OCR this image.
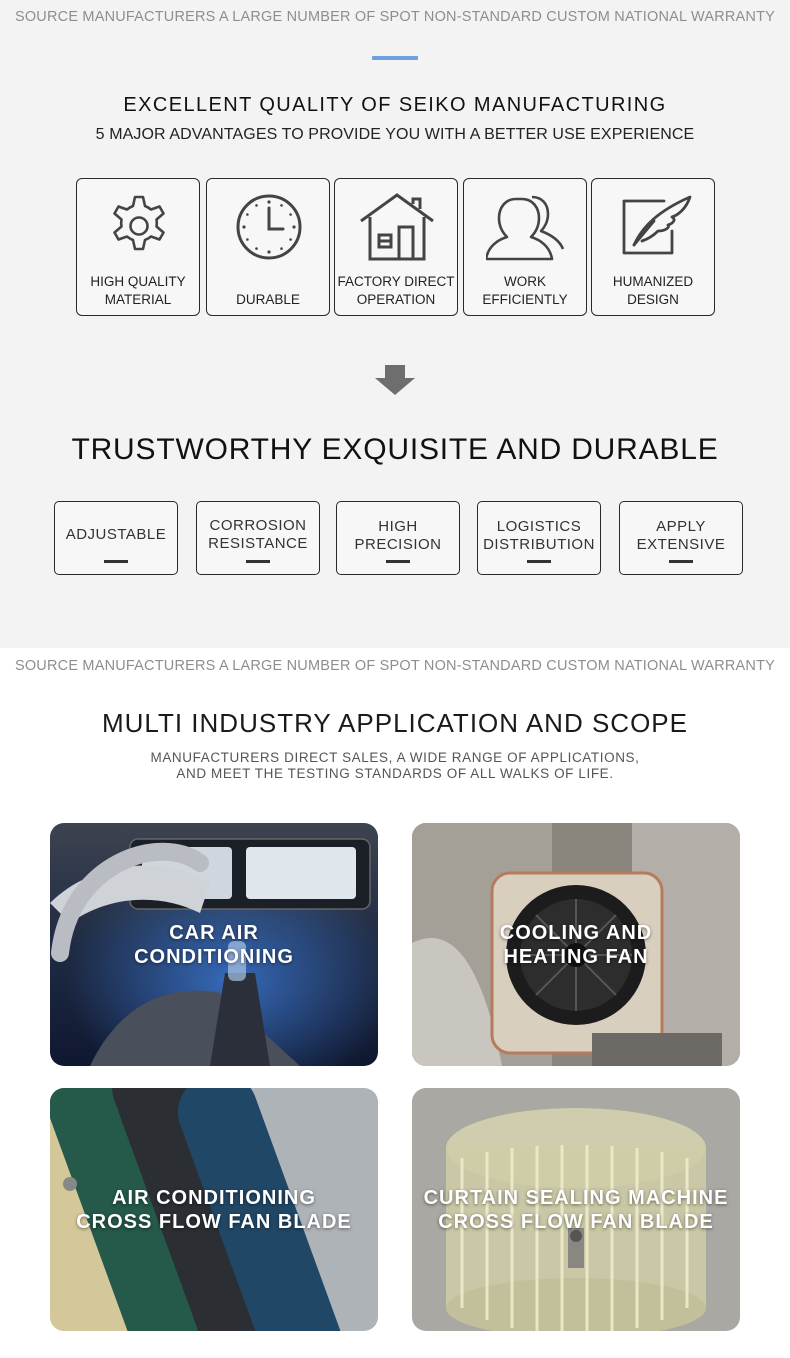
SOURCE MANUFACTURERS A LARGE NUMBER OF SPOT NON-STANDARD CUSTOM NATIONAL WARRANTY
EXCELLENT QUALITY OF SEIKO MANUFACTURING
5 MAJOR ADVANTAGES TO PROVIDE YOU WITH A BETTER USE EXPERIENCE
HIGH QUALITY
MATERIAL	DURABLE
FACTORY DIRECT
OPERATION
WORK
EFFICIENTLY
HUMANIZED
DESIGN
TRUSTWORTHY EXQUISITE AND DURABLE
ADJUSTABLE
CORROSION
RESISTANCE
HIGH
PRECISION
LOGISTICS
DISTRIBUTION
APPLY
EXTENSIVE
SOURCE MANUFACTURERS A LARGE NUMBER OF SPOT NON-STANDARD CUSTOM NATIONAL WARRANTY
MULTI INDUSTRY APPLICATION AND SCOPE
MANUFACTURERS DIRECT SALES, A WIDE RANGE OF APPLICATIONS,
AND MEET THE TESTING STANDARDS OF ALL WALKS OF LIFE.
CAR AIR
CONDITIONING
COOLING AND
HEATING FAN
AIR CONDITIONING
CROSS FLOW FAN BLADE
CURTAIN SEALING MACHINE
CROSS FLOW FAN BLADE
